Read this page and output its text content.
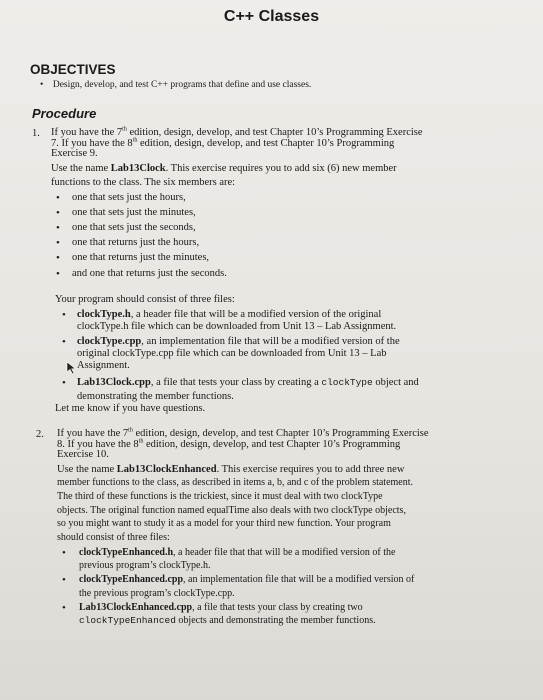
C++ Classes
OBJECTIVES
•    Design, develop, and test C++ programs that define and use classes.
Procedure
1. If you have the 7th edition, design, develop, and test Chapter 10’s Programming Exercise
7. If you have the 8th edition, design, develop, and test Chapter 10’s Programming
Exercise 9.
Use the name Lab13Clock. This exercise requires you to add six (6) new member
functions to the class. The six members are:
• one that sets just the hours,
• one that sets just the minutes,
• one that sets just the seconds,
• one that returns just the hours,
• one that returns just the minutes,
• and one that returns just the seconds.
Your program should consist of three files:
• clockType.h, a header file that will be a modified version of the original
clockType.h file which can be downloaded from Unit 13 – Lab Assignment.
• clockType.cpp, an implementation file that will be a modified version of the
original clockType.cpp file which can be downloaded from Unit 13 – Lab
Assignment.
• Lab13Clock.cpp, a file that tests your class by creating a clockType object and
demonstrating the member functions.
Let me know if you have questions.
2. If you have the 7th edition, design, develop, and test Chapter 10’s Programming Exercise
8. If you have the 8th edition, design, develop, and test Chapter 10’s Programming
Exercise 10.
Use the name Lab13ClockEnhanced. This exercise requires you to add three new
member functions to the class, as described in items a, b, and c of the problem statement.
The third of these functions is the trickiest, since it must deal with two clockType
objects. The original function named equalTime also deals with two clockType objects,
so you might want to study it as a model for your third new function. Your program
should consist of three files:
• clockTypeEnhanced.h, a header file that that will be a modified version of the
previous program’s clockType.h.
• clockTypeEnhanced.cpp, an implementation file that will be a modified version of
the previous program’s clockType.cpp.
• Lab13ClockEnhanced.cpp, a file that tests your class by creating two
clockTypeEnhanced objects and demonstrating the member functions.
